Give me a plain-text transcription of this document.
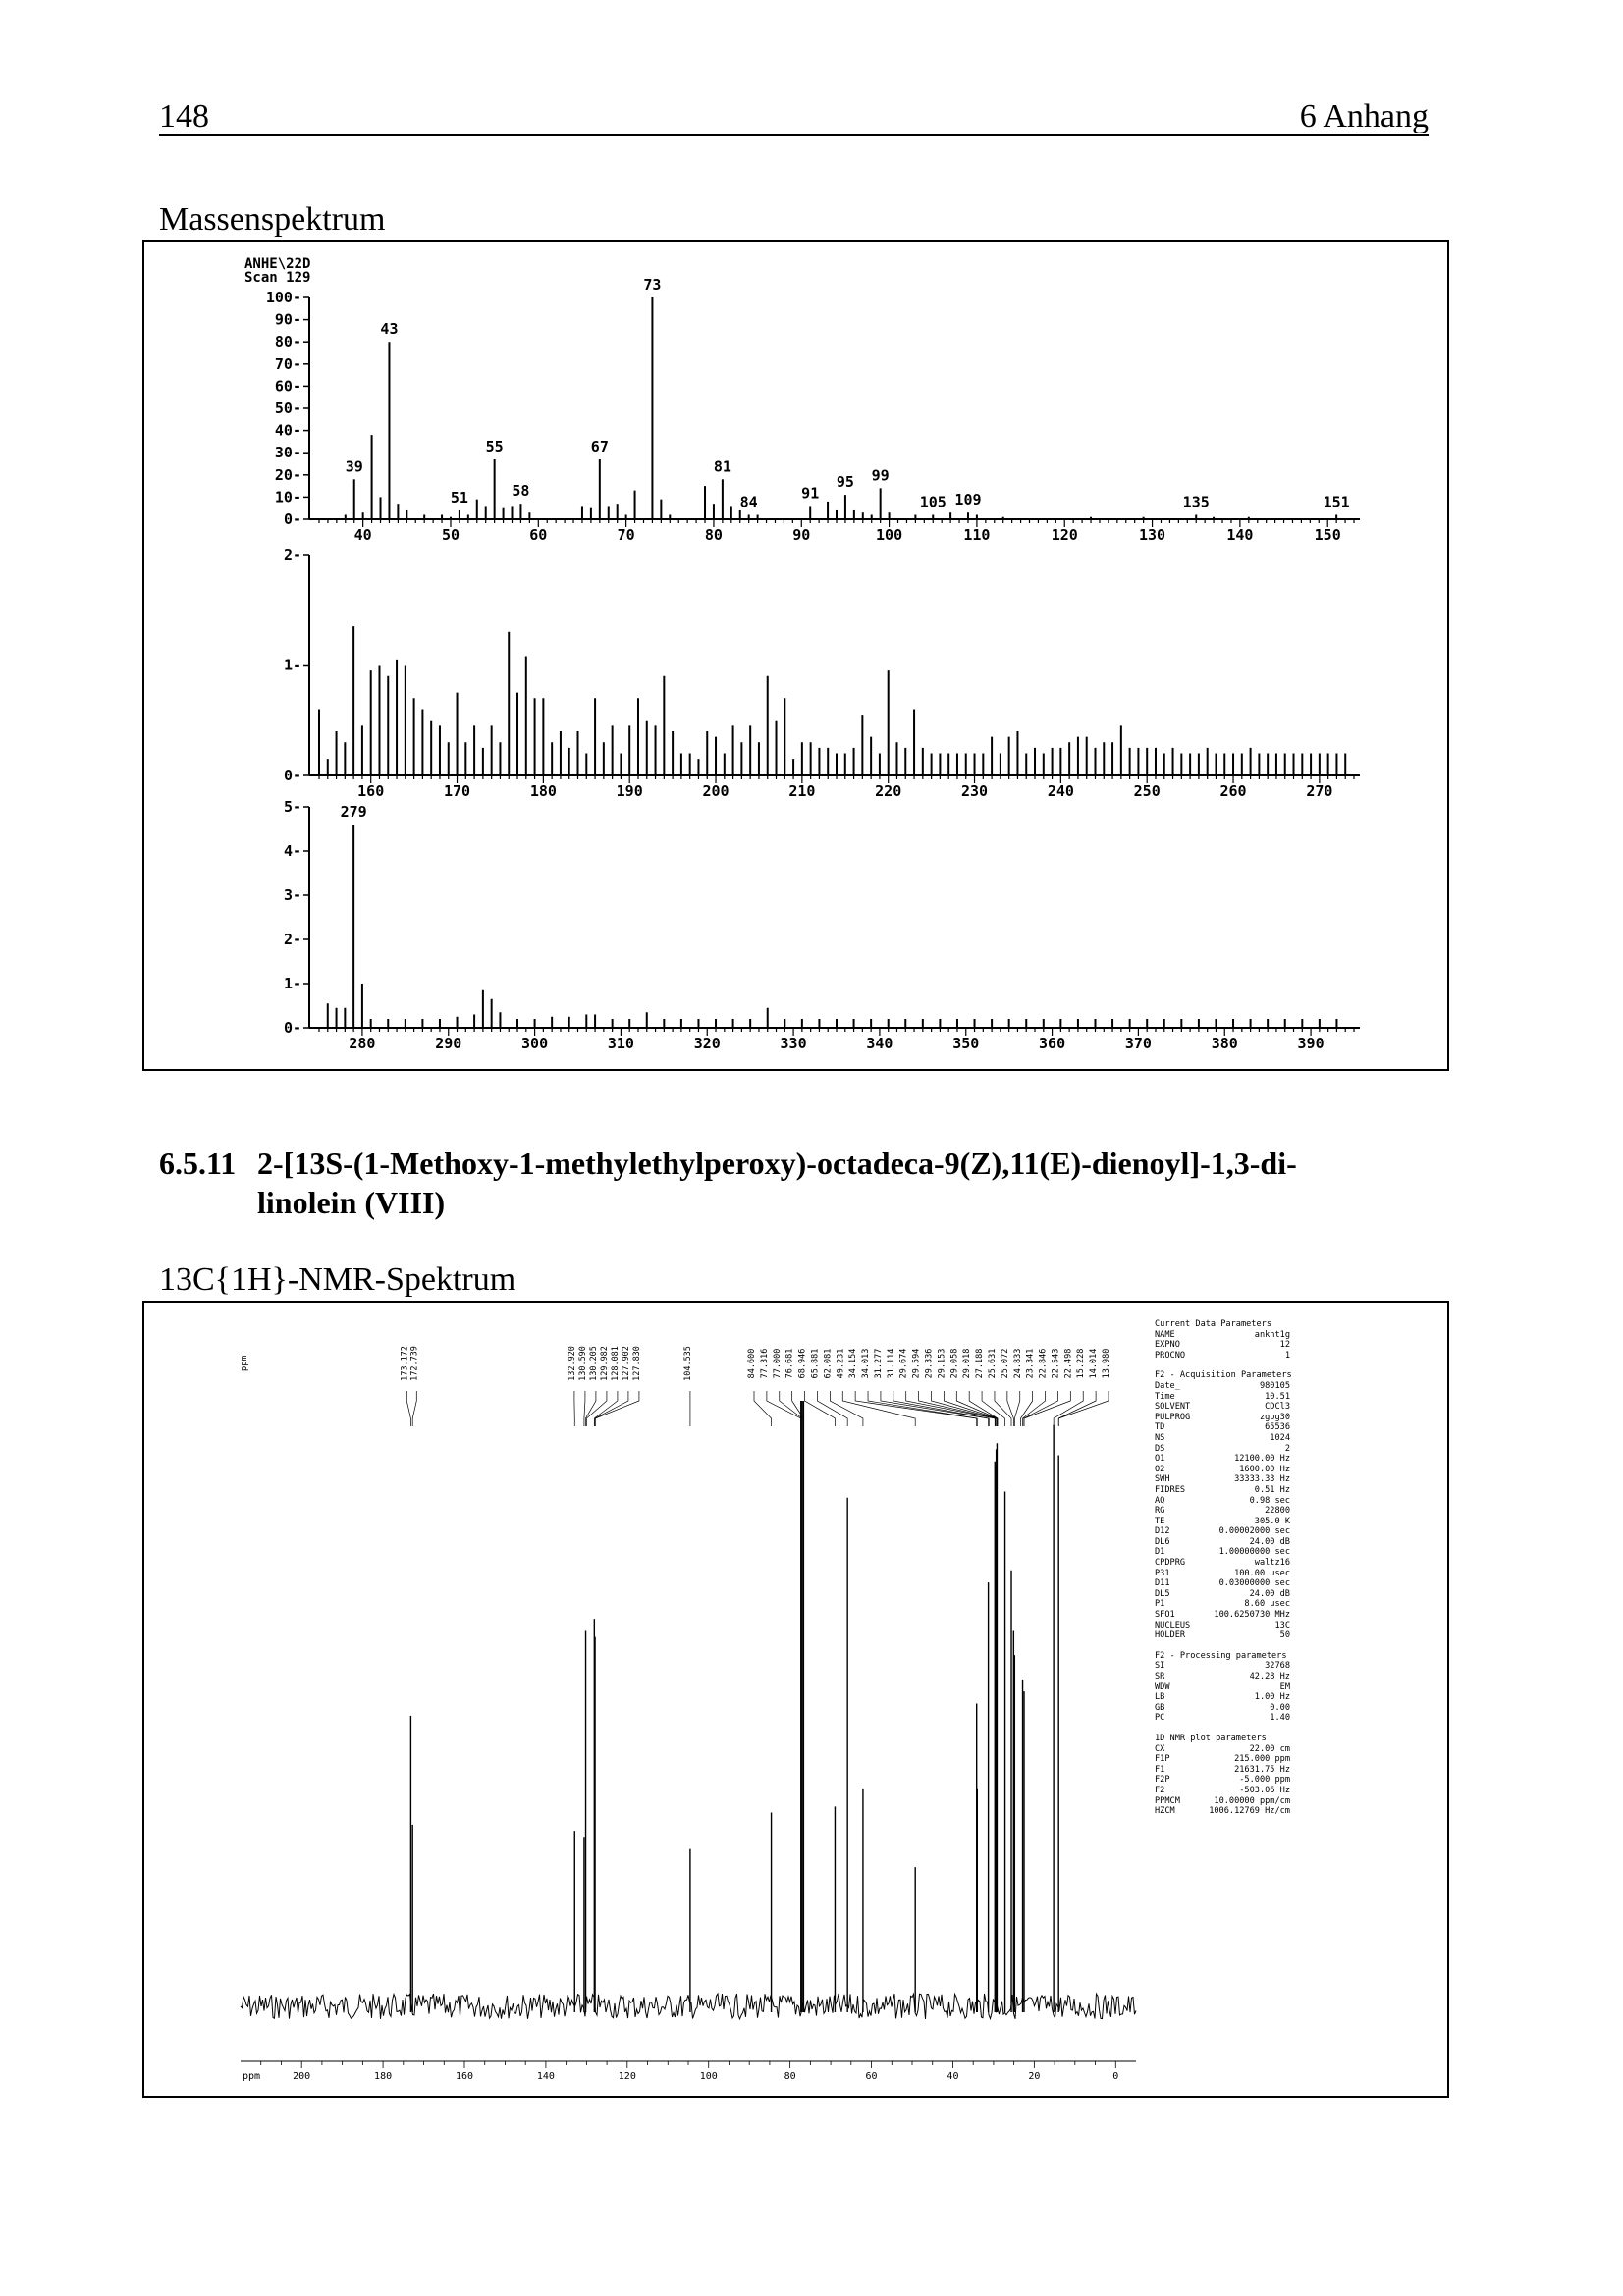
148	6 Anhang
Massenspektrum
ANHE\22D
Scan 129
40	50	60	70	80	90	100	110	120	130	140	150
0-
10-
20-
30-
40-
50-
60-
70-
80-
90-
100-
39
43
51
55
58
67
73
81
84
91
95 99
105 109	135	151
160	170	180	190	200	210	220	230	240	250	260	270
0-
1-
2-
280	290	300	310	320	330	340	350	360	370	380	390
0-
1-
2-
3-
4-
5-	279
6.5.11 2-[13S-(1-Methoxy-1-methylethylperoxy)-octadeca-9(Z),11(E)-dienoyl]-1,3-di-
linolein (VIII)
13C{1H}-NMR-Spektrum
ppm	173.172 172.739	132.920 130.590 130.205 129.982 128.081 127.902 127.830	104.535	84.600 77.316 77.000 76.681 68.946 65.881 62.081 49.231 34.154 34.013 31.277 31.114 29.674 29.594 29.336 29.153 29.058 29.018 27.188 25.631 25.072 24.833 23.341 22.846 22.543 22.498 15.228 14.014 13.980
ppm	200	180	160	140	120	100	80	60	40	20	0
Current Data Parameters
NAME	anknt1g
EXPNO	12
PROCNO	1
F2 - Acquisition Parameters
Date_	980105
Time	10.51
SOLVENT	CDCl3
PULPROG	zgpg30
TD	65536
NS	1024
DS	2
O1	12100.00 Hz
O2	1600.00 Hz
SWH	33333.33 Hz
FIDRES	0.51 Hz
AQ	0.98 sec
RG	22800
TE	305.0 K
D12	0.00002000 sec
DL6	24.00 dB
D1	1.00000000 sec
CPDPRG	waltz16
P31	100.00 usec
D11	0.03000000 sec
DL5	24.00 dB
P1	8.60 usec
SFO1	100.6250730 MHz
NUCLEUS	13C
HOLDER	50
F2 - Processing parameters
SI	32768
SR	42.28 Hz
WDW	EM
LB	1.00 Hz
GB	0.00
PC	1.40
1D NMR plot parameters
CX	22.00 cm
F1P	215.000 ppm
F1	21631.75 Hz
F2P	-5.000 ppm
F2	-503.06 Hz
PPMCM	10.00000 ppm/cm
HZCM	1006.12769 Hz/cm
